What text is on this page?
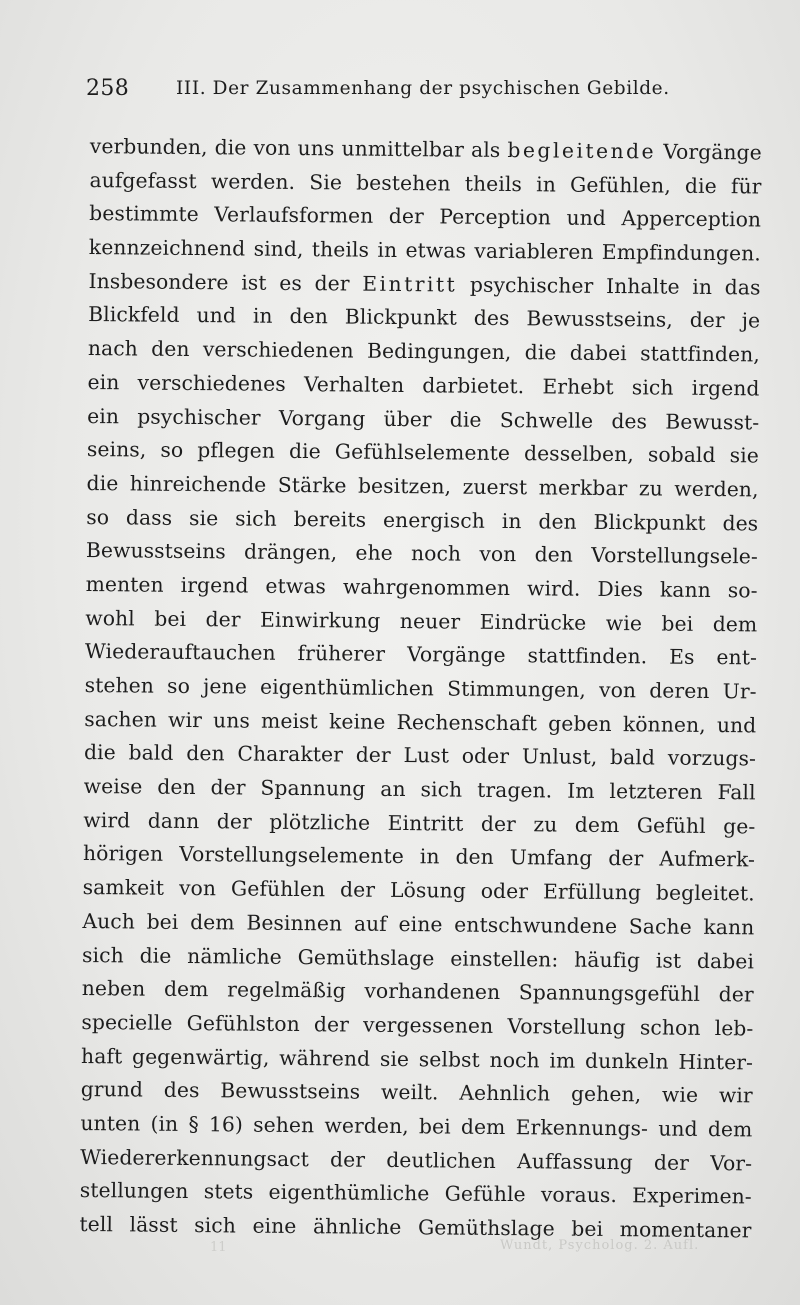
258	III. Der Zusammenhang der psychischen Gebilde.
verbunden, die von uns unmittelbar als begleitende Vorgänge
aufgefasst werden. Sie bestehen theils in Gefühlen, die für
bestimmte Verlaufsformen der Perception und Apperception
kennzeichnend sind, theils in etwas variableren Empfindungen.
Insbesondere ist es der Eintritt psychischer Inhalte in das
Blickfeld und in den Blickpunkt des Bewusstseins, der je
nach den verschiedenen Bedingungen, die dabei stattfinden,
ein verschiedenes Verhalten darbietet. Erhebt sich irgend
ein psychischer Vorgang über die Schwelle des Bewusst-
seins, so pflegen die Gefühlselemente desselben, sobald sie
die hinreichende Stärke besitzen, zuerst merkbar zu werden,
so dass sie sich bereits energisch in den Blickpunkt des
Bewusstseins drängen, ehe noch von den Vorstellungsele-
menten irgend etwas wahrgenommen wird. Dies kann so-
wohl bei der Einwirkung neuer Eindrücke wie bei dem
Wiederauftauchen früherer Vorgänge stattfinden. Es ent-
stehen so jene eigenthümlichen Stimmungen, von deren Ur-
sachen wir uns meist keine Rechenschaft geben können, und
die bald den Charakter der Lust oder Unlust, bald vorzugs-
weise den der Spannung an sich tragen. Im letzteren Fall
wird dann der plötzliche Eintritt der zu dem Gefühl ge-
hörigen Vorstellungselemente in den Umfang der Aufmerk-
samkeit von Gefühlen der Lösung oder Erfüllung begleitet.
Auch bei dem Besinnen auf eine entschwundene Sache kann
sich die nämliche Gemüthslage einstellen: häufig ist dabei
neben dem regelmäßig vorhandenen Spannungsgefühl der
specielle Gefühlston der vergessenen Vorstellung schon leb-
haft gegenwärtig, während sie selbst noch im dunkeln Hinter-
grund des Bewusstseins weilt. Aehnlich gehen, wie wir
unten (in § 16) sehen werden, bei dem Erkennungs- und dem
Wiedererkennungsact der deutlichen Auffassung der Vor-
stellungen stets eigenthümliche Gefühle voraus. Experimen-
tell lässt sich eine ähnliche Gemüthslage bei momentaner
11	Wundt, Psycholog. 2. Aufl.
